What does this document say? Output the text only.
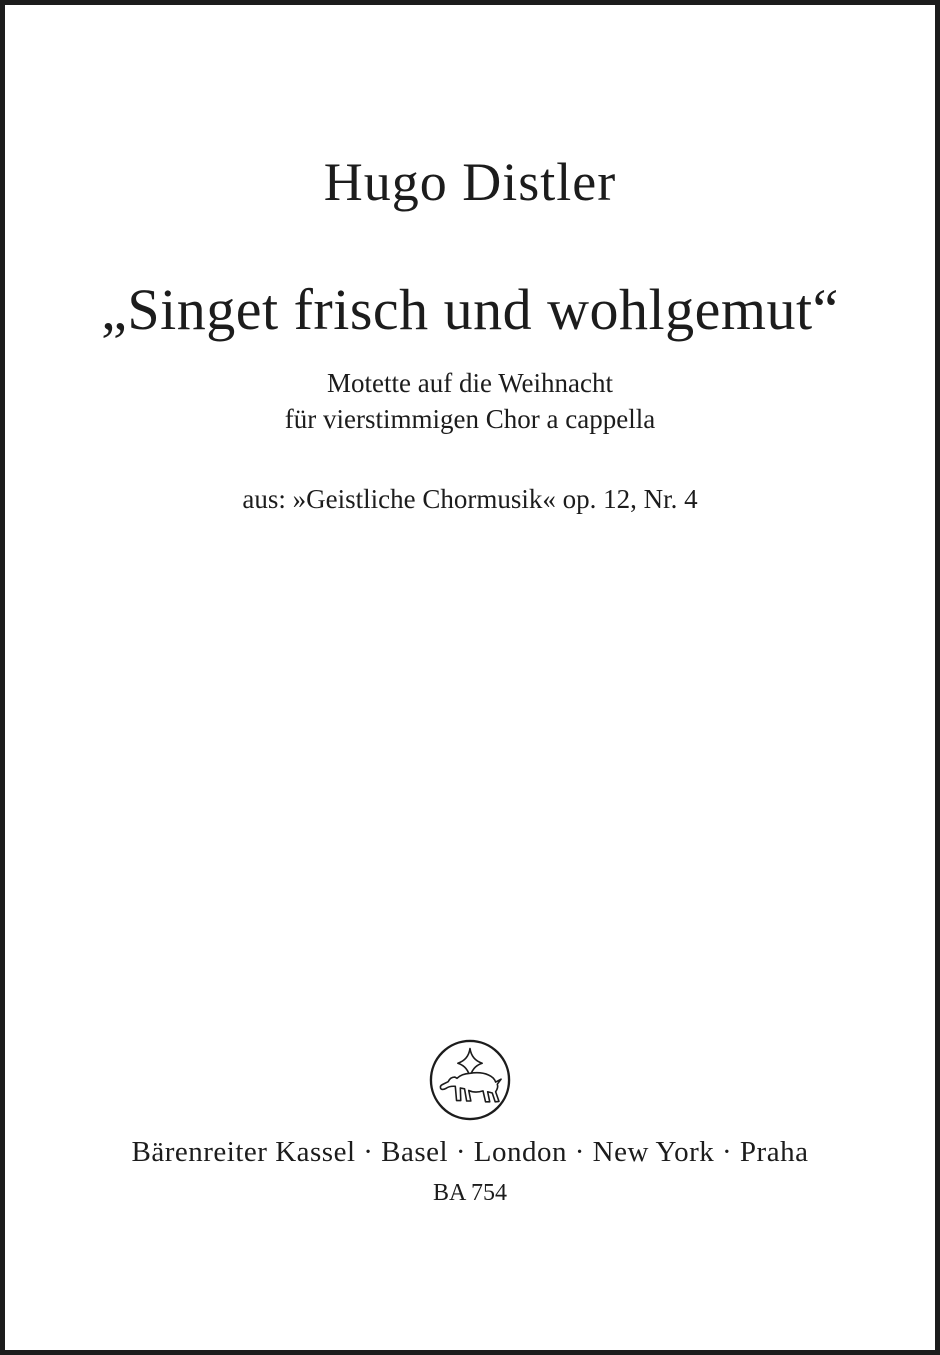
Hugo Distler
„Singet frisch und wohlgemut“
Motette auf die Weihnacht
für vierstimmigen Chor a cappella
aus: »Geistliche Chormusik« op. 12, Nr. 4
Bärenreiter Kassel · Basel · London · New York · Praha
BA 754
